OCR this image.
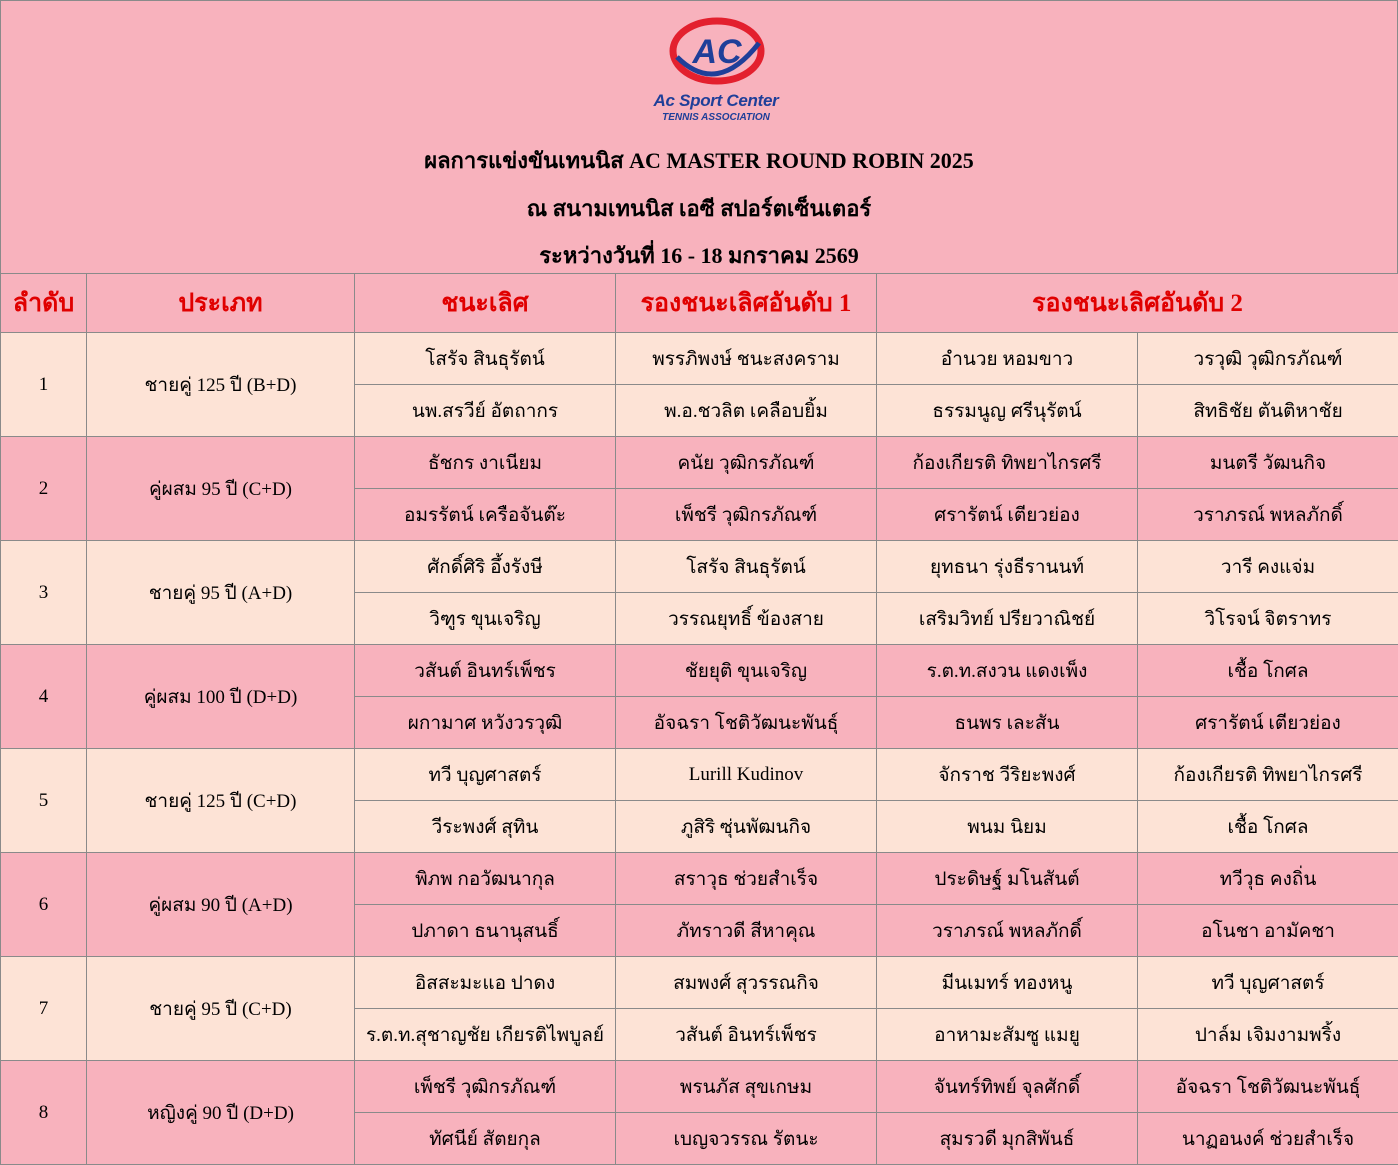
AC
Ac Sport Center
TENNIS ASSOCIATION
ผลการแข่งขันเทนนิส AC MASTER ROUND ROBIN 2025
ณ สนามเทนนิส เอซี สปอร์ตเซ็นเตอร์
ระหว่างวันที่ 16 - 18 มกราคม 2569
ลำดับ	ประเภท	ชนะเลิศ	รองชนะเลิศอันดับ 1	รองชนะเลิศอันดับ 2	
1	ชายคู่ 125 ปี (B+D)	โสรัจ สินธุรัตน์	พรรภิพงษ์ ชนะสงคราม	อำนวย หอมขาว	วรวุฒิ วุฒิกรภัณฑ์
		นพ.สรวีย์ อัตถากร	พ.อ.ชวลิต เคลือบยิ้ม	ธรรมนูญ ศรีนุรัตน์	สิทธิชัย ตันติหาชัย
2	คู่ผสม 95 ปี (C+D)	ธัชกร งาเนียม	คนัย วุฒิกรภัณฑ์	ก้องเกียรติ ทิพยาไกรศรี	มนตรี วัฒนกิจ
		อมรรัตน์ เครือจันต๊ะ	เพ็ชรี วุฒิกรภัณฑ์	ศรารัตน์ เตียวย่อง	วราภรณ์ พหลภักดิ์
3	ชายคู่ 95 ปี (A+D)	ศักดิ์ศิริ อึ้งรังษี	โสรัจ สินธุรัตน์	ยุทธนา รุ่งธีรานนท์	วารี คงแจ่ม
		วิฑูร ขุนเจริญ	วรรณยุทธิ์ ข้องสาย	เสริมวิทย์ ปรียวาณิชย์	วิโรจน์ จิตราทร
4	คู่ผสม 100 ปี (D+D)	วสันต์ อินทร์เพ็ชร	ชัยยุติ ขุนเจริญ	ร.ต.ท.สงวน แดงเพ็ง	เชื้อ โกศล
		ผกามาศ หวังวรวุฒิ	อัจฉรา โชติวัฒนะพันธุ์	ธนพร เละสัน	ศรารัตน์ เตียวย่อง
5	ชายคู่ 125 ปี (C+D)	ทวี บุญศาสตร์	Lurill Kudinov	จักราช วีริยะพงศ์	ก้องเกียรติ ทิพยาไกรศรี
		วีระพงศ์ สุทิน	ภูสิริ ซุ่นพัฒนกิจ	พนม นิยม	เชื้อ โกศล
6	คู่ผสม 90 ปี (A+D)	พิภพ กอวัฒนากุล	สราวุธ ช่วยสำเร็จ	ประดิษฐ์ มโนสันต์	ทวีวุธ คงถิ่น
		ปภาดา ธนานุสนธิ์	ภัทราวดี สีหาคุณ	วราภรณ์ พหลภักดิ์	อโนชา อามัคชา
7	ชายคู่ 95 ปี (C+D)	อิสสะมะแอ ปาดง	สมพงศ์ สุวรรณกิจ	มีนเมทร์ ทองหนู	ทวี บุญศาสตร์
		ร.ต.ท.สุชาญชัย เกียรติไพบูลย์	วสันต์ อินทร์เพ็ชร	อาหามะสัมซู แมยู	ปาล์ม เจิมงามพริ้ง
8	หญิงคู่ 90 ปี (D+D)	เพ็ชรี วุฒิกรภัณฑ์	พรนภัส สุขเกษม	จันทร์ทิพย์ จุลศักดิ์	อัจฉรา โชติวัฒนะพันธุ์
		ทัศนีย์ สัตยกุล	เบญจวรรณ รัตนะ	สุมรวดี มุกสิพันธ์	นาฏอนงค์ ช่วยสำเร็จ
